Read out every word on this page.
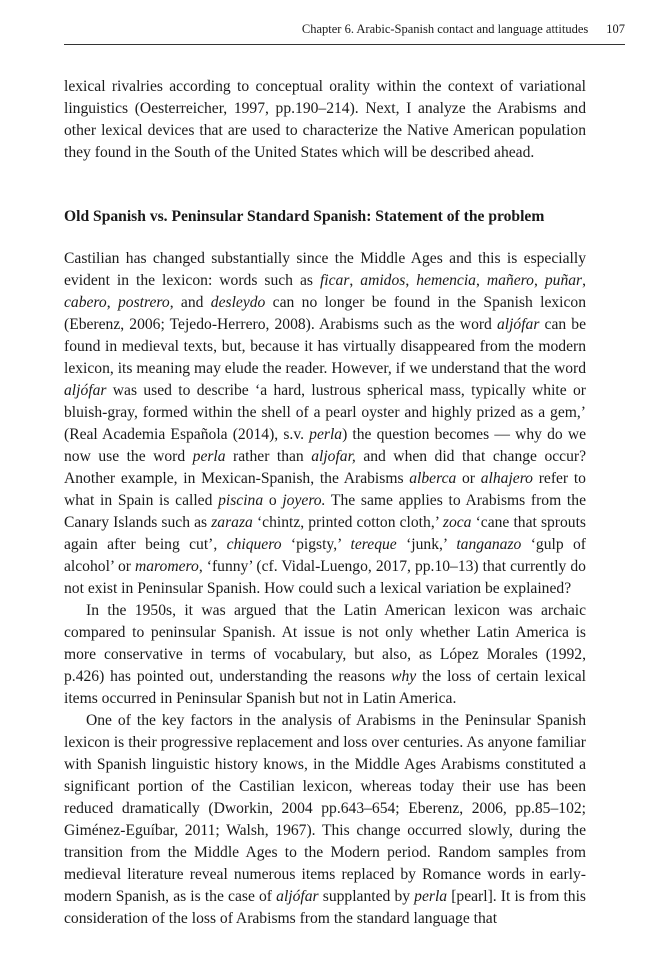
Chapter 6. Arabic-Spanish contact and language attitudes 107

lexical rivalries according to conceptual orality within the context of variational linguistics (Oesterreicher, 1997, pp.190–214). Next, I analyze the Arabisms and other lexical devices that are used to characterize the Native American population they found in the South of the United States which will be described ahead.

Old Spanish vs. Peninsular Standard Spanish: Statement of the problem

Castilian has changed substantially since the Middle Ages and this is especially evident in the lexicon: words such as ficar, amidos, hemencia, mañero, puñar, cabero, postrero, and desleydo can no longer be found in the Spanish lexicon (Eberenz, 2006; Tejedo-Herrero, 2008). Arabisms such as the word aljófar can be found in medieval texts, but, because it has virtually disappeared from the modern lexicon, its meaning may elude the reader. However, if we understand that the word aljófar was used to describe ‘a hard, lustrous spherical mass, typically white or bluish-gray, formed within the shell of a pearl oyster and highly prized as a gem,’ (Real Academia Española (2014), s.v. perla) the question becomes — why do we now use the word perla rather than aljofar, and when did that change occur? Another example, in Mexican-Spanish, the Arabisms alberca or alhajero refer to what in Spain is called piscina o joyero. The same applies to Arabisms from the Canary Islands such as zaraza ‘chintz, printed cotton cloth,’ zoca ‘cane that sprouts again after being cut’, chiquero ‘pigsty,’ tereque ‘junk,’ tanganazo ‘gulp of alcohol’ or maromero, ‘funny’ (cf. Vidal-Luengo, 2017, pp.10–13) that currently do not exist in Peninsular Spanish. How could such a lexical variation be explained?

In the 1950s, it was argued that the Latin American lexicon was archaic compared to peninsular Spanish. At issue is not only whether Latin America is more conservative in terms of vocabulary, but also, as López Morales (1992, p.426) has pointed out, understanding the reasons why the loss of certain lexical items occurred in Peninsular Spanish but not in Latin America.

One of the key factors in the analysis of Arabisms in the Peninsular Spanish lexicon is their progressive replacement and loss over centuries. As anyone familiar with Spanish linguistic history knows, in the Middle Ages Arabisms constituted a significant portion of the Castilian lexicon, whereas today their use has been reduced dramatically (Dworkin, 2004 pp.643–654; Eberenz, 2006, pp.85–102; Giménez-Eguíbar, 2011; Walsh, 1967). This change occurred slowly, during the transition from the Middle Ages to the Modern period. Random samples from medieval literature reveal numerous items replaced by Romance words in early-modern Spanish, as is the case of aljófar supplanted by perla [pearl]. It is from this consideration of the loss of Arabisms from the standard language that
